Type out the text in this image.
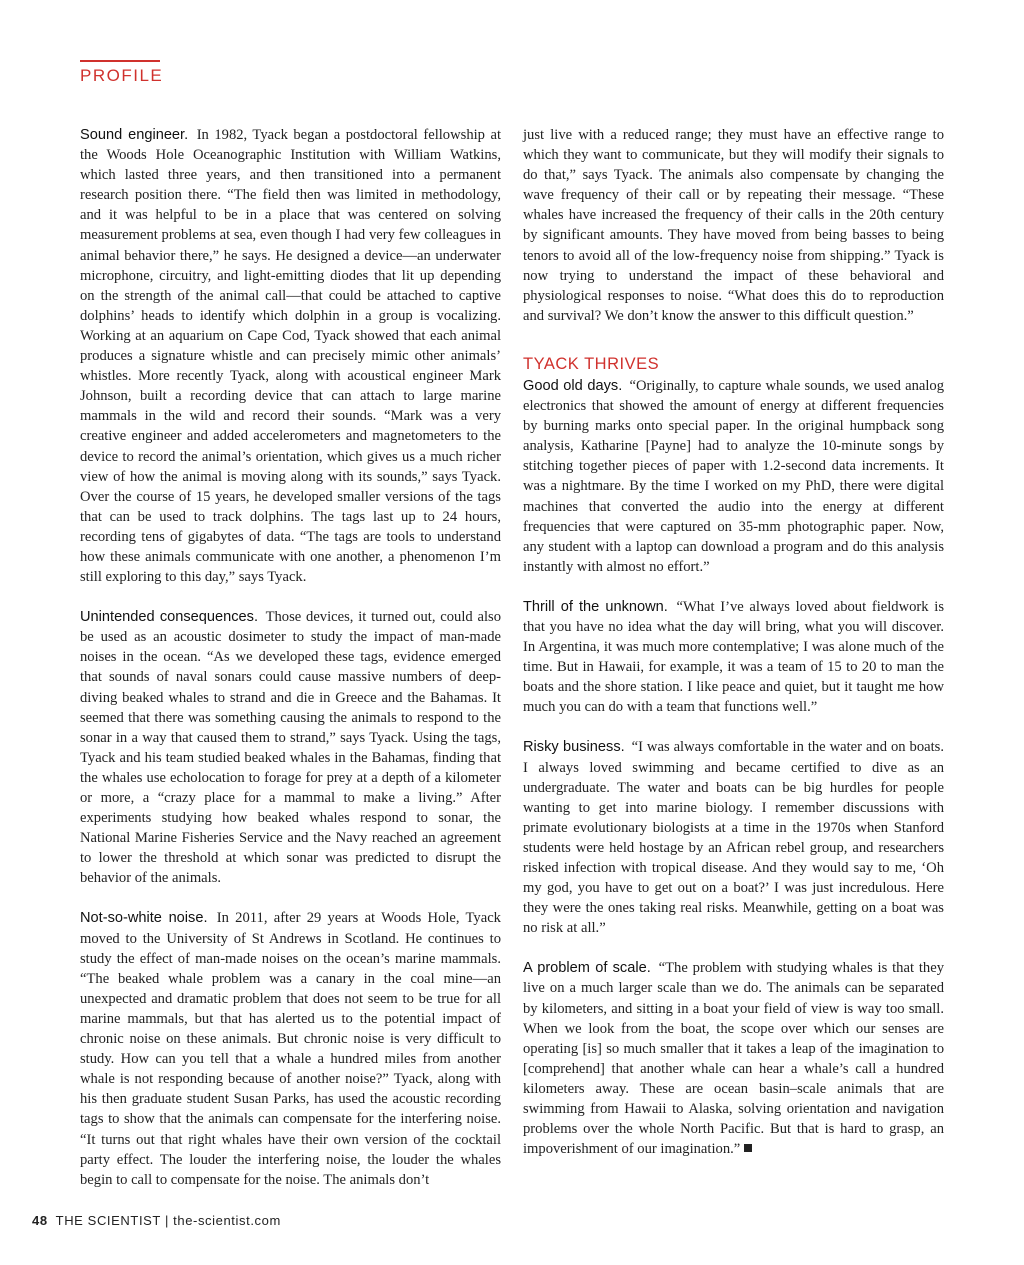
PROFILE

Sound engineer. In 1982, Tyack began a postdoctoral fellowship at the Woods Hole Oceanographic Institution with William Watkins, which lasted three years, and then transitioned into a permanent research position there. “The field then was limited in methodology, and it was helpful to be in a place that was centered on solving measurement problems at sea, even though I had very few colleagues in animal behavior there,” he says. He designed a device—an underwater microphone, circuitry, and light-emitting diodes that lit up depending on the strength of the animal call—that could be attached to captive dolphins’ heads to identify which dolphin in a group is vocalizing. Working at an aquarium on Cape Cod, Tyack showed that each animal produces a signature whistle and can precisely mimic other animals’ whistles. More recently Tyack, along with acoustical engineer Mark Johnson, built a recording device that can attach to large marine mammals in the wild and record their sounds. “Mark was a very creative engineer and added accelerometers and magnetometers to the device to record the animal’s orientation, which gives us a much richer view of how the animal is moving along with its sounds,” says Tyack. Over the course of 15 years, he developed smaller versions of the tags that can be used to track dolphins. The tags last up to 24 hours, recording tens of gigabytes of data. “The tags are tools to understand how these animals communicate with one another, a phenomenon I’m still exploring to this day,” says Tyack.

Unintended consequences. Those devices, it turned out, could also be used as an acoustic dosimeter to study the impact of man-made noises in the ocean. “As we developed these tags, evidence emerged that sounds of naval sonars could cause massive numbers of deep-diving beaked whales to strand and die in Greece and the Bahamas. It seemed that there was something causing the animals to respond to the sonar in a way that caused them to strand,” says Tyack. Using the tags, Tyack and his team studied beaked whales in the Bahamas, finding that the whales use echolocation to forage for prey at a depth of a kilometer or more, a “crazy place for a mammal to make a living.” After experiments studying how beaked whales respond to sonar, the National Marine Fisheries Service and the Navy reached an agreement to lower the threshold at which sonar was predicted to disrupt the behavior of the animals.

Not-so-white noise. In 2011, after 29 years at Woods Hole, Tyack moved to the University of St Andrews in Scotland. He continues to study the effect of man-made noises on the ocean’s marine mammals. “The beaked whale problem was a canary in the coal mine—an unexpected and dramatic problem that does not seem to be true for all marine mammals, but that has alerted us to the potential impact of chronic noise on these animals. But chronic noise is very difficult to study. How can you tell that a whale a hundred miles from another whale is not responding because of another noise?” Tyack, along with his then graduate student Susan Parks, has used the acoustic recording tags to show that the animals can compensate for the interfering noise. “It turns out that right whales have their own version of the cocktail party effect. The louder the interfering noise, the louder the whales begin to call to compensate for the noise. The animals don’t

just live with a reduced range; they must have an effective range to which they want to communicate, but they will modify their signals to do that,” says Tyack. The animals also compensate by changing the wave frequency of their call or by repeating their message. “These whales have increased the frequency of their calls in the 20th century by significant amounts. They have moved from being basses to being tenors to avoid all of the low-frequency noise from shipping.” Tyack is now trying to understand the impact of these behavioral and physiological responses to noise. “What does this do to reproduction and survival? We don’t know the answer to this difficult question.”

TYACK THRIVES

Good old days. “Originally, to capture whale sounds, we used analog electronics that showed the amount of energy at different frequencies by burning marks onto special paper. In the original humpback song analysis, Katharine [Payne] had to analyze the 10-minute songs by stitching together pieces of paper with 1.2-second data increments. It was a nightmare. By the time I worked on my PhD, there were digital machines that converted the audio into the energy at different frequencies that were captured on 35-mm photographic paper. Now, any student with a laptop can download a program and do this analysis instantly with almost no effort.”

Thrill of the unknown. “What I’ve always loved about fieldwork is that you have no idea what the day will bring, what you will discover. In Argentina, it was much more contemplative; I was alone much of the time. But in Hawaii, for example, it was a team of 15 to 20 to man the boats and the shore station. I like peace and quiet, but it taught me how much you can do with a team that functions well.”

Risky business. “I was always comfortable in the water and on boats. I always loved swimming and became certified to dive as an undergraduate. The water and boats can be big hurdles for people wanting to get into marine biology. I remember discussions with primate evolutionary biologists at a time in the 1970s when Stanford students were held hostage by an African rebel group, and researchers risked infection with tropical disease. And they would say to me, ‘Oh my god, you have to get out on a boat?’ I was just incredulous. Here they were the ones taking real risks. Meanwhile, getting on a boat was no risk at all.”

A problem of scale. “The problem with studying whales is that they live on a much larger scale than we do. The animals can be separated by kilometers, and sitting in a boat your field of view is way too small. When we look from the boat, the scope over which our senses are operating [is] so much smaller that it takes a leap of the imagination to [comprehend] that another whale can hear a whale’s call a hundred kilometers away. These are ocean basin–scale animals that are swimming from Hawaii to Alaska, solving orientation and navigation problems over the whole North Pacific. But that is hard to grasp, an impoverishment of our imagination.”

48 THE SCIENTIST | the-scientist.com
